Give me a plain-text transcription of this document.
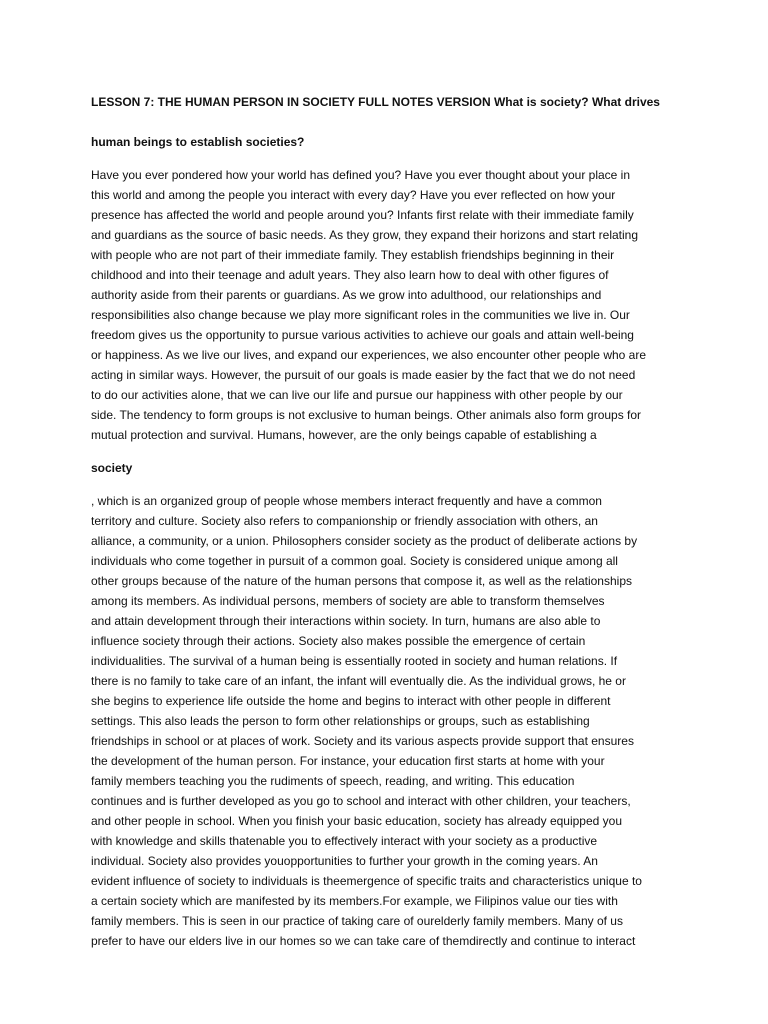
LESSON 7: THE HUMAN PERSON IN SOCIETY FULL NOTES VERSION What is society? What drives

human beings to establish societies?
Have you ever pondered how your world has defined you? Have you ever thought about your place in
this world and among the people you interact with every day? Have you ever reflected on how your
presence has affected the world and people around you? Infants first relate with their immediate family
and guardians as the source of basic needs. As they grow, they expand their horizons and start relating
with people who are not part of their immediate family. They establish friendships beginning in their
childhood and into their teenage and adult years. They also learn how to deal with other figures of
authority aside from their parents or guardians. As we grow into adulthood, our relationships and
responsibilities also change because we play more significant roles in the communities we live in. Our
freedom gives us the opportunity to pursue various activities to achieve our goals and attain well-being
or happiness. As we live our lives, and expand our experiences, we also encounter other people who are
acting in similar ways. However, the pursuit of our goals is made easier by the fact that we do not need
to do our activities alone, that we can live our life and pursue our happiness with other people by our
side. The tendency to form groups is not exclusive to human beings. Other animals also form groups for
mutual protection and survival. Humans, however, are the only beings capable of establishing a
society
, which is an organized group of people whose members interact frequently and have a common
territory and culture. Society also refers to companionship or friendly association with others, an
alliance, a community, or a union. Philosophers consider society as the product of deliberate actions by
individuals who come together in pursuit of a common goal. Society is considered unique among all
other groups because of the nature of the human persons that compose it, as well as the relationships
among its members. As individual persons, members of society are able to transform themselves
and attain development through their interactions within society. In turn, humans are also able to
influence society through their actions. Society also makes possible the emergence of certain
individualities. The survival of a human being is essentially rooted in society and human relations. If
there is no family to take care of an infant, the infant will eventually die. As the individual grows, he or
she begins to experience life outside the home and begins to interact with other people in different
settings. This also leads the person to form other relationships or groups, such as establishing
friendships in school or at places of work. Society and its various aspects provide support that ensures
the development of the human person. For instance, your education first starts at home with your
family members teaching you the rudiments of speech, reading, and writing. This education
continues and is further developed as you go to school and interact with other children, your teachers,
and other people in school. When you finish your basic education, society has already equipped you
with knowledge and skills thatenable you to effectively interact with your society as a productive
individual. Society also provides youopportunities to further your growth in the coming years. An
evident influence of society to individuals is theemergence of specific traits and characteristics unique to
a certain society which are manifested by its members.For example, we Filipinos value our ties with
family members. This is seen in our practice of taking care of ourelderly family members. Many of us
prefer to have our elders live in our homes so we can take care of themdirectly and continue to interact
